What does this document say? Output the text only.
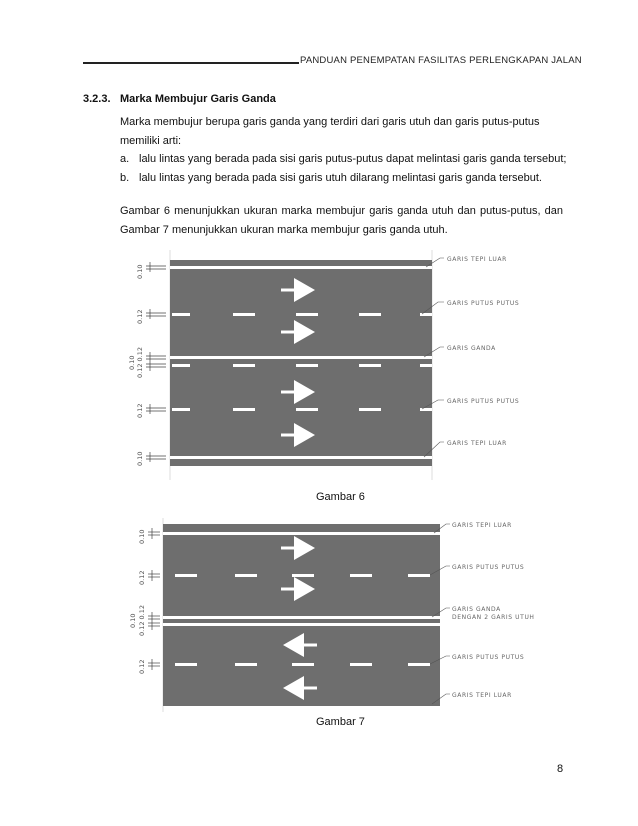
PANDUAN PENEMPATAN FASILITAS PERLENGKAPAN JALAN
3.2.3. Marka Membujur Garis Ganda
Marka membujur berupa garis ganda yang terdiri dari garis utuh dan garis putus-putus memiliki arti:
a. lalu lintas yang berada pada sisi garis putus-putus dapat melintasi garis ganda tersebut;
b. lalu lintas yang berada pada sisi garis utuh dilarang melintasi garis ganda tersebut.
Gambar 6 menunjukkan ukuran marka membujur garis ganda utuh dan putus-putus, dan Gambar 7 menunjukkan ukuran marka membujur garis ganda utuh.
0.10
0.12
0.10 0.12 0.12
0.12
0.10
GARIS TEPI LUAR
GARIS PUTUS PUTUS
GARIS GANDA
GARIS PUTUS PUTUS
GARIS TEPI LUAR
0.10
0.12
0.10 0.12 0.12
0.12
GARIS TEPI LUAR
GARIS PUTUS PUTUS
GARIS GANDA
DENGAN 2 GARIS UTUH
GARIS PUTUS PUTUS
GARIS TEPI LUAR
Gambar 6
Gambar 7
8
